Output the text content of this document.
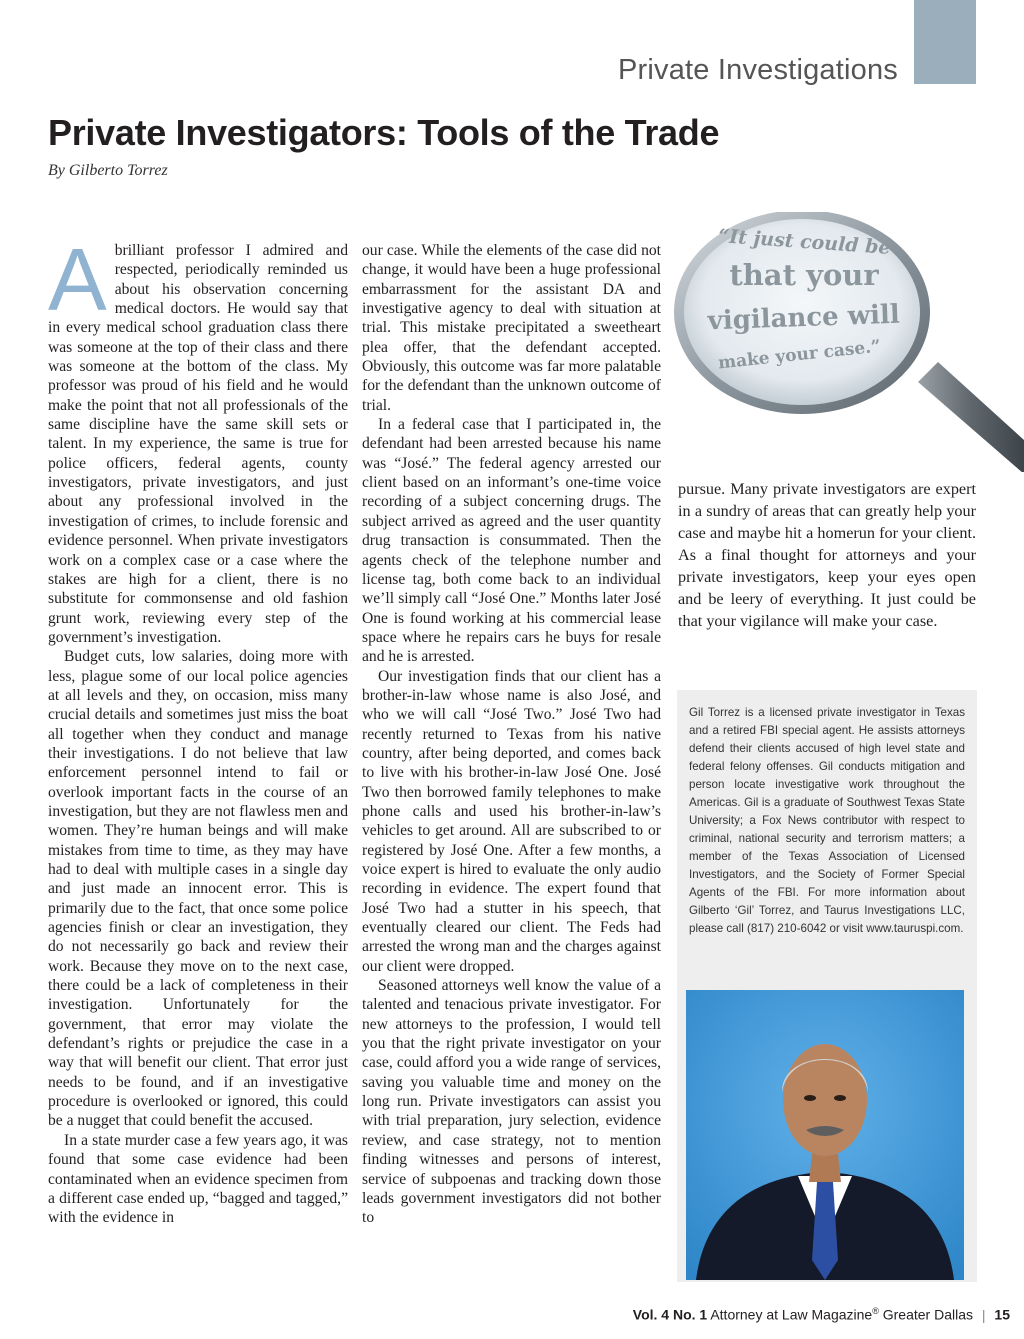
Private Investigations
Private Investigators: Tools of the Trade
By Gilberto Torrez

Abrilliant professor I admired and respected, periodically reminded us about his observation concerning medical doctors. He would say that in every medical school graduation class there was someone at the top of their class and there was someone at the bottom of the class. My professor was proud of his field and he would make the point that not all professionals of the same discipline have the same skill sets or talent. In my experience, the same is true for police officers, federal agents, county investigators, private investigators, and just about any professional involved in the investigation of crimes, to include forensic and evidence personnel. When private investigators work on a complex case or a case where the stakes are high for a client, there is no substitute for commonsense and old fashion grunt work, reviewing every step of the government’s investigation.

Budget cuts, low salaries, doing more with less, plague some of our local police agencies at all levels and they, on occasion, miss many crucial details and sometimes just miss the boat all together when they conduct and manage their investigations. I do not believe that law enforcement personnel intend to fail or overlook important facts in the course of an investigation, but they are not flawless men and women. They’re human beings and will make mistakes from time to time, as they may have had to deal with multiple cases in a single day and just made an innocent error. This is primarily due to the fact, that once some police agencies finish or clear an investigation, they do not necessarily go back and review their work. Because they move on to the next case, there could be a lack of completeness in their investigation. Unfortunately for the government, that error may violate the defendant’s rights or prejudice the case in a way that will benefit our client. That error just needs to be found, and if an investigative procedure is overlooked or ignored, this could be a nugget that could benefit the accused.

In a state murder case a few years ago, it was found that some case evidence had been contaminated when an evidence specimen from a different case ended up, “bagged and tagged,” with the evidence in

our case. While the elements of the case did not change, it would have been a huge professional embarrassment for the assistant DA and investigative agency to deal with situation at trial. This mistake precipitated a sweetheart plea offer, that the defendant accepted. Obviously, this outcome was far more palatable for the defendant than the unknown outcome of trial.

In a federal case that I participated in, the defendant had been arrested because his name was “José.” The federal agency arrested our client based on an informant’s one-time voice recording of a subject concerning drugs. The subject arrived as agreed and the user quantity drug transaction is consummated. Then the agents check of the telephone number and license tag, both come back to an individual we’ll simply call “José One.” Months later José One is found working at his commercial lease space where he repairs cars he buys for resale and he is arrested.

Our investigation finds that our client has a brother-in-law whose name is also José, and who we will call “José Two.” José Two had recently returned to Texas from his native country, after being deported, and comes back to live with his brother-in-law José One. José Two then borrowed family telephones to make phone calls and used his brother-in-law’s vehicles to get around. All are subscribed to or registered by José One. After a few months, a voice expert is hired to evaluate the only audio recording in evidence. The expert found that José Two had a stutter in his speech, that eventually cleared our client. The Feds had arrested the wrong man and the charges against our client were dropped.

Seasoned attorneys well know the value of a talented and tenacious private investigator. For new attorneys to the profession, I would tell you that the right private investigator on your case, could afford you a wide range of services, saving you valuable time and money on the long run. Private investigators can assist you with trial preparation, jury selection, evidence review, and case strategy, not to mention finding witnesses and persons of interest, service of subpoenas and tracking down those leads government investigators did not bother to

“It just could be
that your
vigilance will
make your case.”

pursue. Many private investigators are expert in a sundry of areas that can greatly help your case and maybe hit a homerun for your client. As a final thought for attorneys and your private investigators, keep your eyes open and be leery of everything. It just could be that your vigilance will make your case.

Gil Torrez is a licensed private investigator in Texas and a retired FBI special agent. He assists attorneys defend their clients accused of high level state and federal felony offenses. Gil conducts mitigation and person locate investigative work throughout the Americas. Gil is a graduate of Southwest Texas State University; a Fox News contributor with respect to criminal, national security and terrorism matters; a member of the Texas Association of Licensed Investigators, and the Society of Former Special Agents of the FBI. For more information about Gilberto ‘Gil’ Torrez, and Taurus Investigations LLC, please call (817) 210-6042 or visit www.tauruspi.com.

Vol. 4 No. 1 Attorney at Law Magazine® Greater Dallas | 15
